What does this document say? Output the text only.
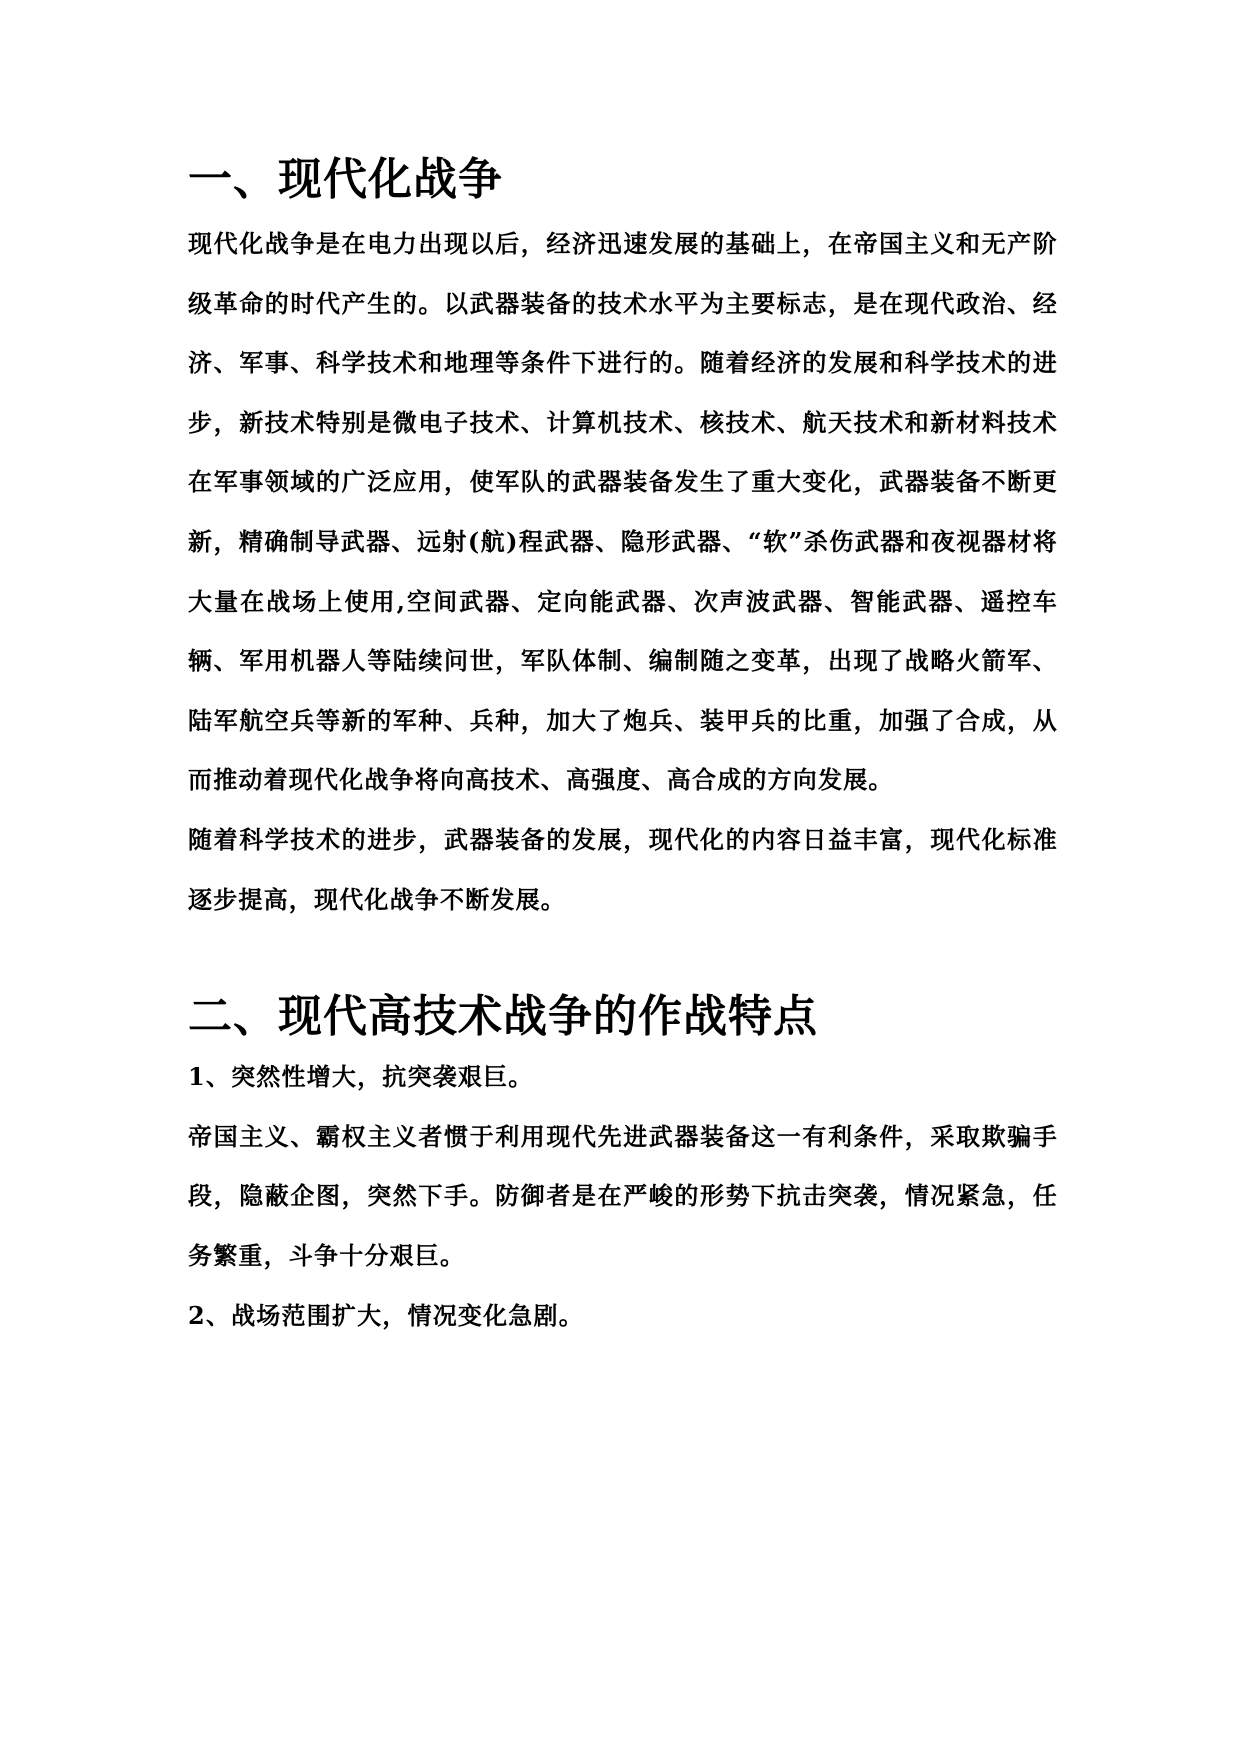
一、现代化战争

现代化战争是在电力出现以后，经济迅速发展的基础上，在帝国主义和无产阶级革命的时代产生的。以武器装备的技术水平为主要标志，是在现代政治、经济、军事、科学技术和地理等条件下进行的。随着经济的发展和科学技术的进步，新技术特别是微电子技术、计算机技术、核技术、航天技术和新材料技术在军事领域的广泛应用，使军队的武器装备发生了重大变化，武器装备不断更新，精确制导武器、远射(航)程武器、隐形武器、“软”杀伤武器和夜视器材将大量在战场上使用,空间武器、定向能武器、次声波武器、智能武器、遥控车辆、军用机器人等陆续问世，军队体制、编制随之变革，出现了战略火箭军、陆军航空兵等新的军种、兵种，加大了炮兵、装甲兵的比重，加强了合成，从而推动着现代化战争将向高技术、高强度、高合成的方向发展。

随着科学技术的进步，武器装备的发展，现代化的内容日益丰富，现代化标准逐步提高，现代化战争不断发展。

二、现代高技术战争的作战特点

1、突然性增大，抗突袭艰巨。

帝国主义、霸权主义者惯于利用现代先进武器装备这一有利条件，采取欺骗手段，隐蔽企图，突然下手。防御者是在严峻的形势下抗击突袭，情况紧急，任务繁重，斗争十分艰巨。

2、战场范围扩大，情况变化急剧。
